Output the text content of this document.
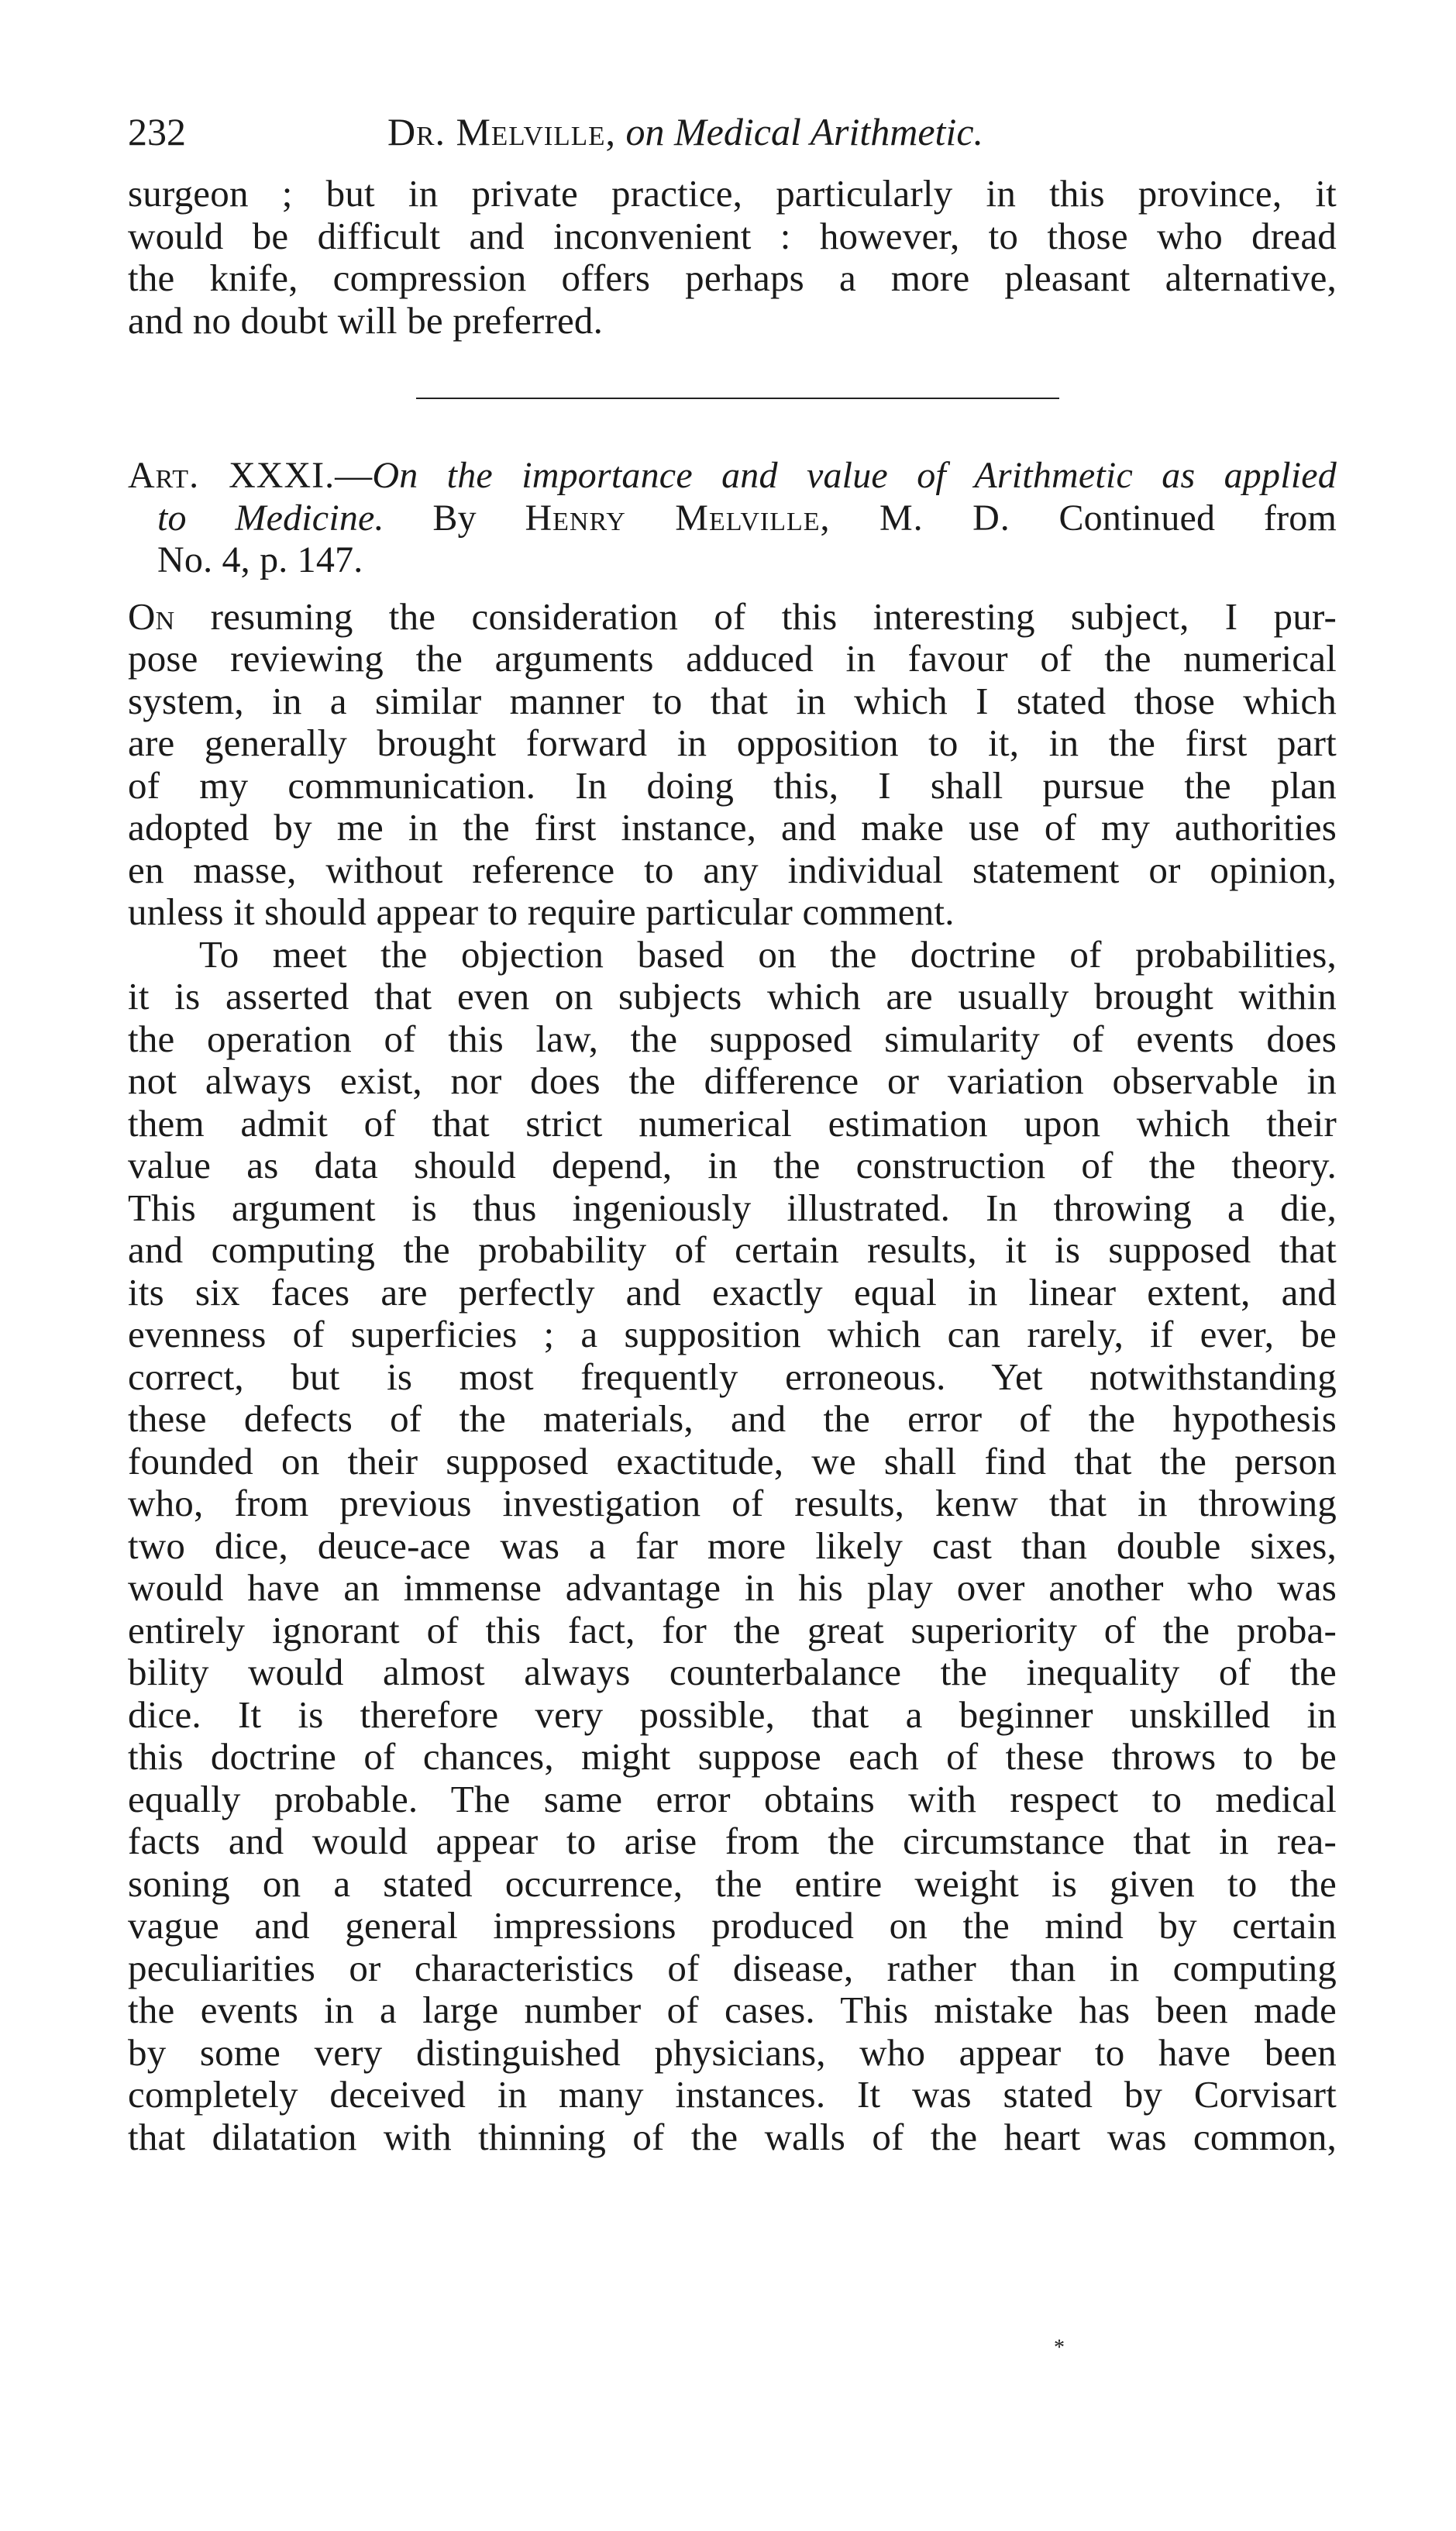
232	Dr. Melville, on Medical Arithmetic.
surgeon ; but in private practice, particularly in this province, it
would be difficult and inconvenient : however, to those who dread
the knife, compression offers perhaps a more pleasant alternative,
and no doubt will be preferred.
Art. XXXI.—On the importance and value of Arithmetic as applied
to Medicine. By Henry Melville, M. D. Continued from
No. 4, p. 147.
On resuming the consideration of this interesting subject, I pur-
pose reviewing the arguments adduced in favour of the numerical
system, in a similar manner to that in which I stated those which
are generally brought forward in opposition to it, in the first part
of my communication. In doing this, I shall pursue the plan
adopted by me in the first instance, and make use of my authorities
en masse, without reference to any individual statement or opinion,
unless it should appear to require particular comment.
To meet the objection based on the doctrine of probabilities,
it is asserted that even on subjects which are usually brought within
the operation of this law, the supposed simularity of events does
not always exist, nor does the difference or variation observable in
them admit of that strict numerical estimation upon which their
value as data should depend, in the construction of the theory.
This argument is thus ingeniously illustrated. In throwing a die,
and computing the probability of certain results, it is supposed that
its six faces are perfectly and exactly equal in linear extent, and
evenness of superficies ; a supposition which can rarely, if ever, be
correct, but is most frequently erroneous. Yet notwithstanding
these defects of the materials, and the error of the hypothesis
founded on their supposed exactitude, we shall find that the person
who, from previous investigation of results, kenw that in throwing
two dice, deuce-ace was a far more likely cast than double sixes,
would have an immense advantage in his play over another who was
entirely ignorant of this fact, for the great superiority of the proba-
bility would almost always counterbalance the inequality of the
dice. It is therefore very possible, that a beginner unskilled in
this doctrine of chances, might suppose each of these throws to be
equally probable. The same error obtains with respect to medical
facts and would appear to arise from the circumstance that in rea-
soning on a stated occurrence, the entire weight is given to the
vague and general impressions produced on the mind by certain
peculiarities or characteristics of disease, rather than in computing
the events in a large number of cases. This mistake has been made
by some very distinguished physicians, who appear to have been
completely deceived in many instances. It was stated by Corvisart
that dilatation with thinning of the walls of the heart was common,
*
